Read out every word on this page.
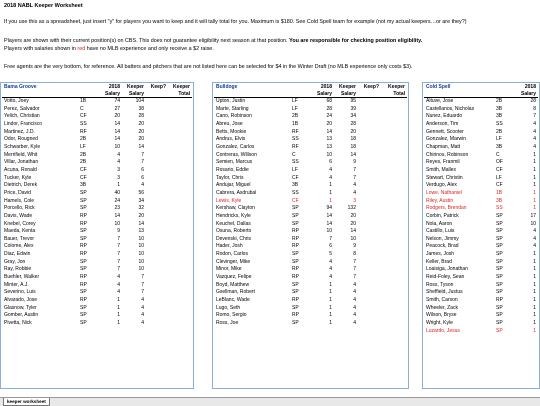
2018 NABL Keeper Worksheet
If you use this as a spreadsheet, just insert "y" for players you want to keep and it will tally total for you. Maximum is $180. See Cold Spell team for example (not my actual keepers…or are they?)
Players are shown with their current position(s) on CBS. This does not guarantee eligibility next season at that position. You are responsible for checking position eligibility.
Players with salaries shown in red have no MLB experience and only receive a $2 raise.
Free agents are the very bottom, for reference. All batters and pitchers that are not listed here can be selected for $4 in the Winter Draft (no MLB experience only costs $3).
Bama Groove		2018	Keeper	Keep?	Keeper
		Salary	Salary		Total
Votto, Joey	1B	74	104		
Perez, Salvador	C	27	38		
Yelich, Christian	CF	20	28		
Lindor, Francisco	SS	14	20		
Martinez, J.D.	RF	14	20		
Odor, Rougned	2B	14	20		
Schwarber, Kyle	LF	10	14		
Merrifield, Whit	2B	4	7		
Villar, Jonathan	2B	4	7		
Acuna, Ronald	CF	3	6		
Tucker, Kyle	CF	3	6		
Dietrich, Derek	3B	1	4		
Price, David	SP	40	56		
Hamels, Cole	SP	24	34		
Porcello, Rick	SP	23	32		
Davis, Wade	RP	14	20		
Knebel, Corey	RP	10	14		
Maeda, Kenta	SP	9	13		
Bauer, Trevor	SP	7	10		
Colome, Alex	RP	7	10		
Diaz, Edwin	RP	7	10		
Gray, Jon	SP	7	10		
Ray, Robbie	SP	7	10		
Buehler, Walker	RP	4	7		
Minter, A.J.	RP	4	7		
Severino, Luis	SP	4	7		
Alvarado, Jose	RP	1	4		
Glasnow, Tyler	SP	1	4		
Gomber, Austin	SP	1	4		
Pivetta, Nick	SP	1	4		
Bulldoge		2018	Keeper	Keep?	Keeper
		Salary	Salary		Total
Upton, Justin	LF	68	95		
Marte, Starling	LF	28	39		
Cano, Robinson	2B	24	34		
Abreu, Jose	1B	20	28		
Betts, Mookie	RF	14	20		
Andrus, Elvis	SS	13	18		
Gonzalez, Carlos	RF	13	18		
Contreras, Willson	C	10	14		
Semien, Marcus	SS	6	9		
Rosario, Eddie	LF	4	7		
Taylor, Chris	CF	4	7		
Andujar, Miguel	3B	1	4		
Cabrera, Asdrubal	SS	1	4		
Lewis, Kyle	CF	1	3		
Kershaw, Clayton	SP	94	132		
Hendricks, Kyle	SP	14	20		
Keuchel, Dallas	SP	14	20		
Osuna, Roberto	RP	10	14		
Devenski, Chris	RP	7	10		
Hader, Josh	RP	6	9		
Rodon, Carlos	SP	5	8		
Clevinger, Mike	SP	4	7		
Minor, Mike	RP	4	7		
Vazquez, Felipe	RP	4	7		
Boyd, Matthew	SP	1	4		
Gsellman, Robert	SP	1	4		
LeBlanc, Wade	RP	1	4		
Lugo, Seth	SP	1	4		
Romo, Sergio	RP	1	4		
Ross, Joe	SP	1	4		
Cold Spell		2018
		Salary
Altuve, Jose	2B	28
Castellanos, Nicholas	3B	8
Nunez, Eduardo	3B	7
Anderson, Tim	SS	4
Gennett, Scooter	2B	4
Gonzalez, Marwin	LF	4
Chapman, Matt	3B	4
Chirinos, Robinson	C	1
Reyes, Franmil	OF	1
Smith, Mallex	CF	1
Stewart, Christin	LF	1
Verdugo, Alex	CF	1
Lowe, Nathaniel	1B	1
Riley, Austin	3B	1
Rodgers, Brendan	SS	1
Corbin, Patrick	SP	17
Nola, Aaron	SP	10
Castillo, Luis	SP	4
Nelson, Jimmy	SP	4
Peacock, Brad	SP	4
James, Josh	SP	1
Keller, Brad	SP	1
Loaisiga, Jonathan	SP	1
Reid-Foley, Sean	SP	1
Ross, Tyson	SP	1
Sheffield, Justus	SP	1
Smith, Carson	RP	1
Wheeler, Zack	SP	1
Wilson, Bryse	SP	1
Wright, Kyle	SP	1
Luzardo, Jesus	SP	1
keeper worksheet
